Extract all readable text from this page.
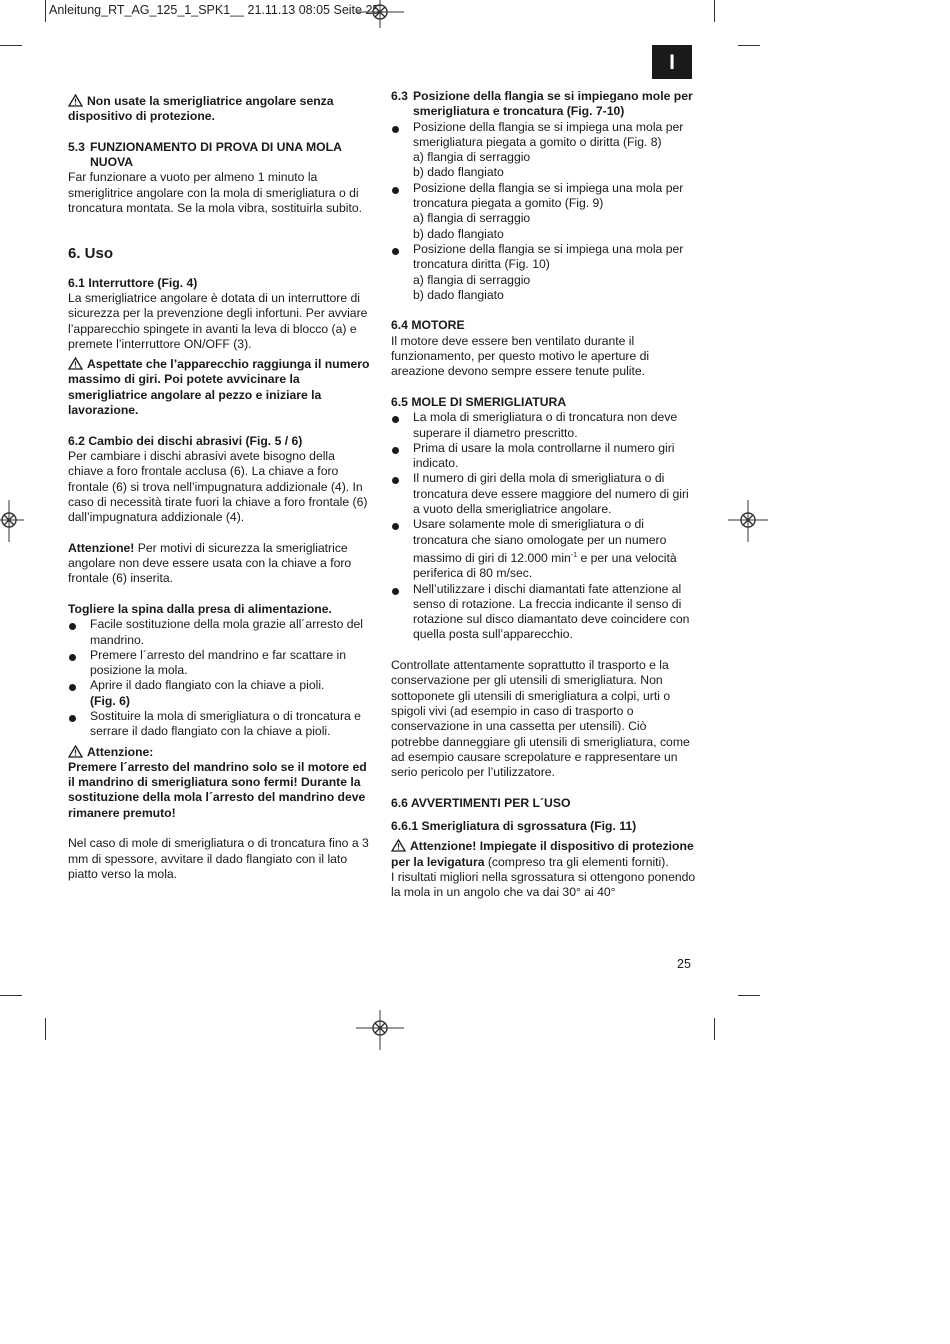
Anleitung_RT_AG_125_1_SPK1__ 21.11.13 08:05 Seite 25
I

Non usate la smerigliatrice angolare senza dispositivo di protezione.

5.3 FUNZIONAMENTO DI PROVA DI UNA MOLA NUOVA

Far funzionare a vuoto per almeno 1 minuto la smeriglitrice angolare con la mola di smerigliatura o di troncatura montata. Se la mola vibra, sostituirla subito.

6. Uso

6.1 Interruttore (Fig. 4)

La smerigliatrice angolare è dotata di un interruttore di sicurezza per la prevenzione degli infortuni. Per avviare l’apparecchio spingete in avanti la leva di blocco (a) e premete l’interruttore ON/OFF (3).

Aspettate che l’apparecchio raggiunga il numero massimo di giri. Poi potete avvicinare la smerigliatrice angolare al pezzo e iniziare la lavorazione.

6.2 Cambio dei dischi abrasivi (Fig. 5 / 6)

Per cambiare i dischi abrasivi avete bisogno della chiave a foro frontale acclusa (6). La chiave a foro frontale (6) si trova nell’impugnatura addizionale (4). In caso di necessità tirate fuori la chiave a foro frontale (6) dall’impugnatura addizionale (4).

Attenzione! Per motivi di sicurezza la smerigliatrice angolare non deve essere usata con la chiave a foro frontale (6) inserita.

Togliere la spina dalla presa di alimentazione.

Facile sostituzione della mola grazie all´arresto del mandrino.
Premere l´arresto del mandrino e far scattare in posizione la mola.
Aprire il dado flangiato con la chiave a pioli.
(Fig. 6)
Sostituire la mola di smerigliatura o di troncatura e serrare il dado flangiato con la chiave a pioli.

Attenzione:
Premere l´arresto del mandrino solo se il motore ed il mandrino di smerigliatura sono fermi! Durante la sostituzione della mola l´arresto del mandrino deve rimanere premuto!

Nel caso di mole di smerigliatura o di troncatura fino a 3 mm di spessore, avvitare il dado flangiato con il lato piatto verso la mola.

6.3 Posizione della flangia se si impiegano mole per smerigliatura e troncatura (Fig. 7-10)
Posizione della flangia se si impiega una mola per smerigliatura piegata a gomito o diritta (Fig. 8)
a) flangia di serraggio
b) dado flangiato
Posizione della flangia se si impiega una mola per troncatura piegata a gomito (Fig. 9)
a) flangia di serraggio
b) dado flangiato
Posizione della flangia se si impiega una mola per troncatura diritta (Fig. 10)
a) flangia di serraggio
b) dado flangiato

6.4 MOTORE

Il motore deve essere ben ventilato durante il funzionamento, per questo motivo le aperture di areazione devono sempre essere tenute pulite.

6.5 MOLE DI SMERIGLIATURA

La mola di smerigliatura o di troncatura non deve superare il diametro prescritto.
Prima di usare la mola controllarne il numero giri indicato.
Il numero di giri della mola di smerigliatura o di troncatura deve essere maggiore del numero di giri a vuoto della smerigliatrice angolare.
Usare solamente mole di smerigliatura o di troncatura che siano omologate per un numero massimo di giri di 12.000 $\min^{-1} e$ per una velocità periferica di 80 m/sec.
Nell’utilizzare i dischi diamantati fate attenzione al senso di rotazione. La freccia indicante il senso di rotazione sul disco diamantato deve coincidere con quella posta sull’apparecchio.

Controllate attentamente soprattutto il trasporto e la conservazione per gli utensili di smerigliatura. Non sottoponete gli utensili di smerigliatura a colpi, urti o spigoli vivi (ad esempio in caso di trasporto o conservazione in una cassetta per utensili). Ciò potrebbe danneggiare gli utensili di smerigliatura, come ad esempio causare screpolature e rappresentare un serio pericolo per l’utilizzatore.

6.6 AVVERTIMENTI PER L´USO

6.6.1 Smerigliatura di sgrossatura (Fig. 11)

Attenzione! Impiegate il dispositivo di protezione per la levigatura (compreso tra gli elementi forniti).

I risultati migliori nella sgrossatura si ottengono ponendo la mola in un angolo che va dai 30° ai 40°

25
